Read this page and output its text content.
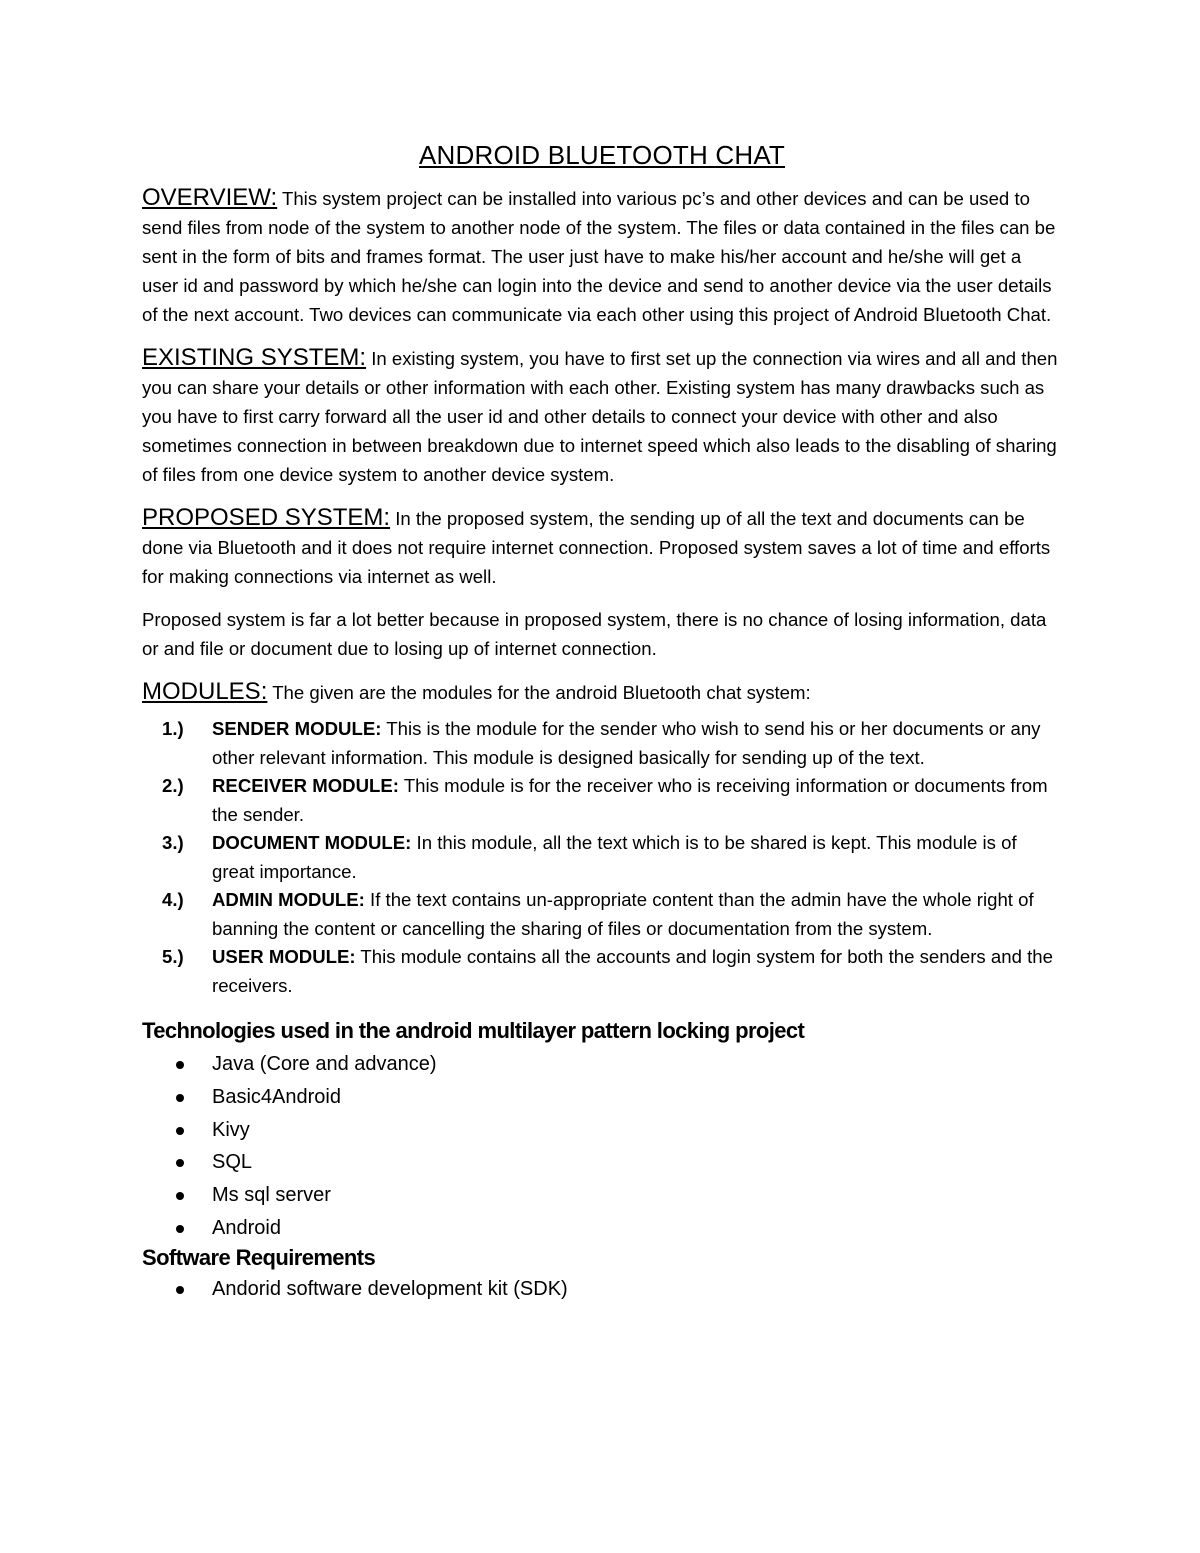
ANDROID BLUETOOTH CHAT

OVERVIEW: This system project can be installed into various pc’s and other devices and can be used to send files from node of the system to another node of the system. The files or data contained in the files can be sent in the form of bits and frames format. The user just have to make his/her account and he/she will get a user id and password by which he/she can login into the device and send to another device via the user details of the next account. Two devices can communicate via each other using this project of Android Bluetooth Chat.

EXISTING SYSTEM: In existing system, you have to first set up the connection via wires and all and then you can share your details or other information with each other. Existing system has many drawbacks such as you have to first carry forward all the user id and other details to connect your device with other and also sometimes connection in between breakdown due to internet speed which also leads to the disabling of sharing of files from one device system to another device system.

PROPOSED SYSTEM: In the proposed system, the sending up of all the text and documents can be done via Bluetooth and it does not require internet connection. Proposed system saves a lot of time and efforts for making connections via internet as well.

Proposed system is far a lot better because in proposed system, there is no chance of losing information, data or and file or document due to losing up of internet connection.

MODULES: The given are the modules for the android Bluetooth chat system:

1.) SENDER MODULE: This is the module for the sender who wish to send his or her documents or any other relevant information. This module is designed basically for sending up of the text.
2.) RECEIVER MODULE: This module is for the receiver who is receiving information or documents from the sender.
3.) DOCUMENT MODULE: In this module, all the text which is to be shared is kept. This module is of great importance.
4.) ADMIN MODULE: If the text contains un-appropriate content than the admin have the whole right of banning the content or cancelling the sharing of files or documentation from the system.
5.) USER MODULE: This module contains all the accounts and login system for both the senders and the receivers.
Technologies used in the android multilayer pattern locking project
Java (Core and advance)
Basic4Android
Kivy
SQL
Ms sql server
Android
Software Requirements
Andorid software development kit (SDK)
